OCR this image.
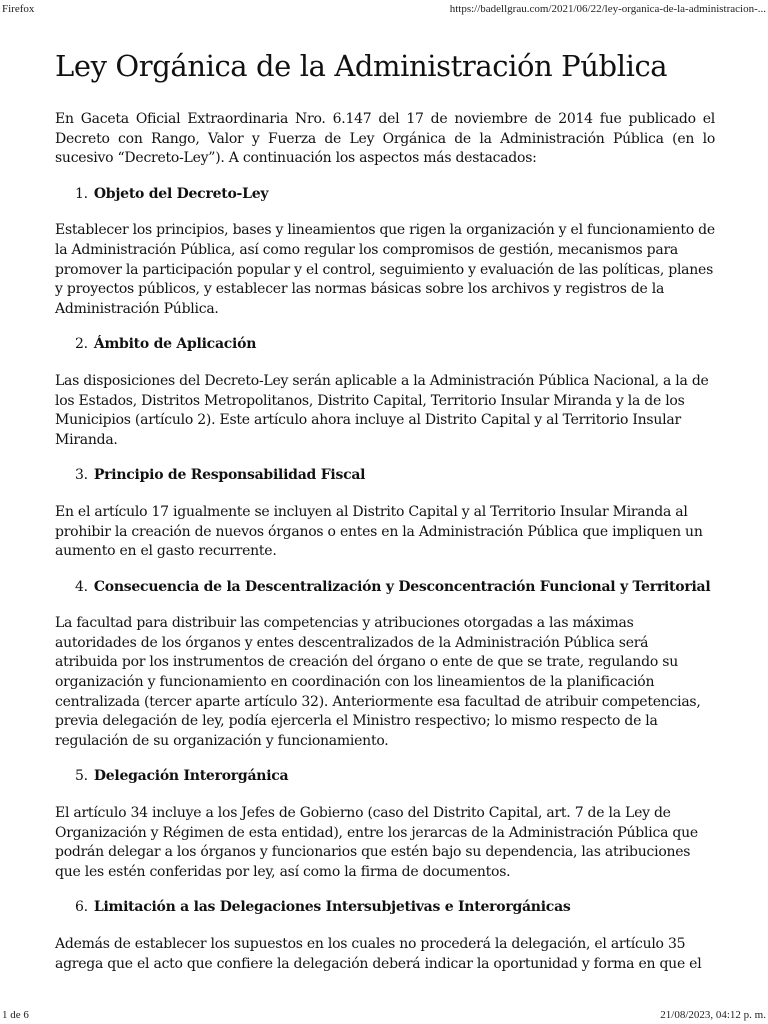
Firefox	https://badellgrau.com/2021/06/22/ley-organica-de-la-administracion-...
Ley Orgánica de la Administración Pública

En Gaceta Oficial Extraordinaria Nro. 6.147 del 17 de noviembre de 2014 fue publicado el Decreto con Rango, Valor y Fuerza de Ley Orgánica de la Administración Pública (en lo sucesivo “Decreto-Ley”). A continuación los aspectos más destacados:

1. Objeto del Decreto-Ley

Establecer los principios, bases y lineamientos que rigen la organización y el funcionamiento de la Administración Pública, así como regular los compromisos de gestión, mecanismos para promover la participación popular y el control, seguimiento y evaluación de las políticas, planes y proyectos públicos, y establecer las normas básicas sobre los archivos y registros de la Administración Pública.

2. Ámbito de Aplicación

Las disposiciones del Decreto-Ley serán aplicable a la Administración Pública Nacional, a la de los Estados, Distritos Metropolitanos, Distrito Capital, Territorio Insular Miranda y la de los Municipios (artículo 2). Este artículo ahora incluye al Distrito Capital y al Territorio Insular Miranda.

3. Principio de Responsabilidad Fiscal

En el artículo 17 igualmente se incluyen al Distrito Capital y al Territorio Insular Miranda al prohibir la creación de nuevos órganos o entes en la Administración Pública que impliquen un aumento en el gasto recurrente.

4. Consecuencia de la Descentralización y Desconcentración Funcional y Territorial

La facultad para distribuir las competencias y atribuciones otorgadas a las máximas autoridades de los órganos y entes descentralizados de la Administración Pública será atribuida por los instrumentos de creación del órgano o ente de que se trate, regulando su organización y funcionamiento en coordinación con los lineamientos de la planificación centralizada (tercer aparte artículo 32). Anteriormente esa facultad de atribuir competencias, previa delegación de ley, podía ejercerla el Ministro respectivo; lo mismo respecto de la regulación de su organización y funcionamiento.

5. Delegación Interorgánica

El artículo 34 incluye a los Jefes de Gobierno (caso del Distrito Capital, art. 7 de la Ley de Organización y Régimen de esta entidad), entre los jerarcas de la Administración Pública que podrán delegar a los órganos y funcionarios que estén bajo su dependencia, las atribuciones que les estén conferidas por ley, así como la firma de documentos.

6. Limitación a las Delegaciones Intersubjetivas e Interorgánicas

Además de establecer los supuestos en los cuales no procederá la delegación, el artículo 35 agrega que el acto que confiere la delegación deberá indicar la oportunidad y forma en que el

1 de 6	21/08/2023, 04:12 p. m.
